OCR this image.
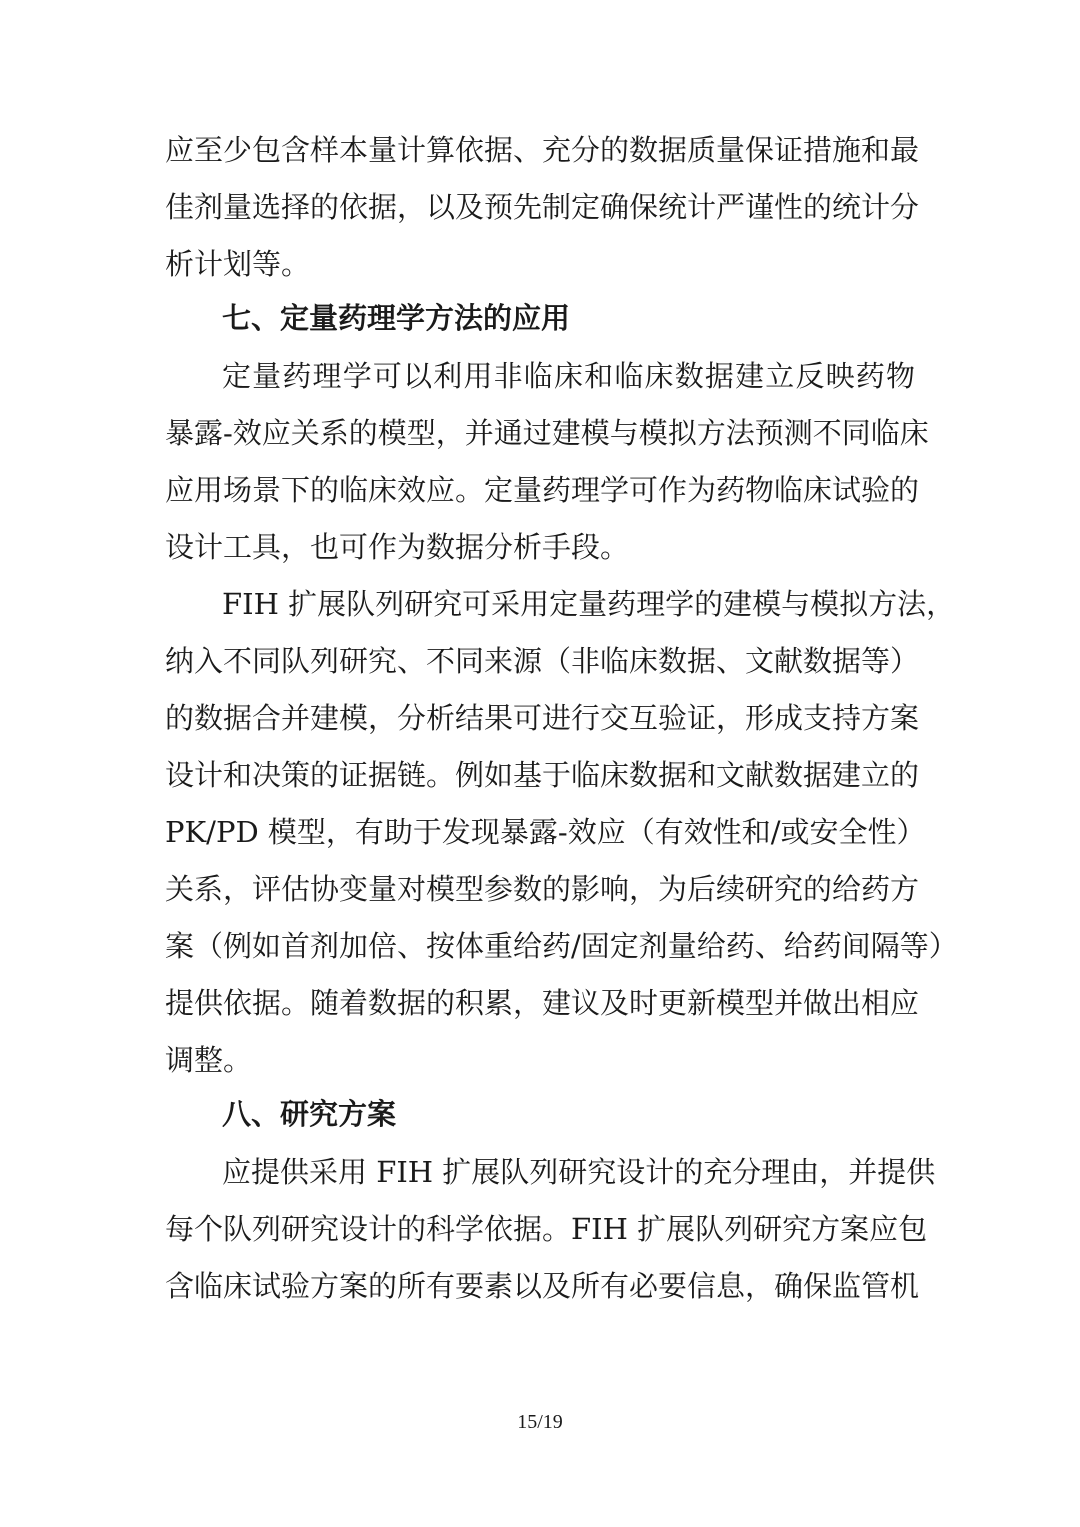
应至少包含样本量计算依据、充分的数据质量保证措施和最
佳剂量选择的依据，以及预先制定确保统计严谨性的统计分
析计划等。
七、定量药理学方法的应用
定量药理学可以利用非临床和临床数据建立反映药物
暴露-效应关系的模型，并通过建模与模拟方法预测不同临床
应用场景下的临床效应。定量药理学可作为药物临床试验的
设计工具，也可作为数据分析手段。
FIH 扩展队列研究可采用定量药理学的建模与模拟方法，
纳入不同队列研究、不同来源（非临床数据、文献数据等）
的数据合并建模，分析结果可进行交互验证，形成支持方案
设计和决策的证据链。例如基于临床数据和文献数据建立的
PK/PD 模型，有助于发现暴露-效应（有效性和/或安全性）
关系，评估协变量对模型参数的影响，为后续研究的给药方
案（例如首剂加倍、按体重给药/固定剂量给药、给药间隔等）
提供依据。随着数据的积累，建议及时更新模型并做出相应
调整。
八、研究方案
应提供采用 FIH 扩展队列研究设计的充分理由，并提供
每个队列研究设计的科学依据。FIH 扩展队列研究方案应包
含临床试验方案的所有要素以及所有必要信息，确保监管机
15/19
